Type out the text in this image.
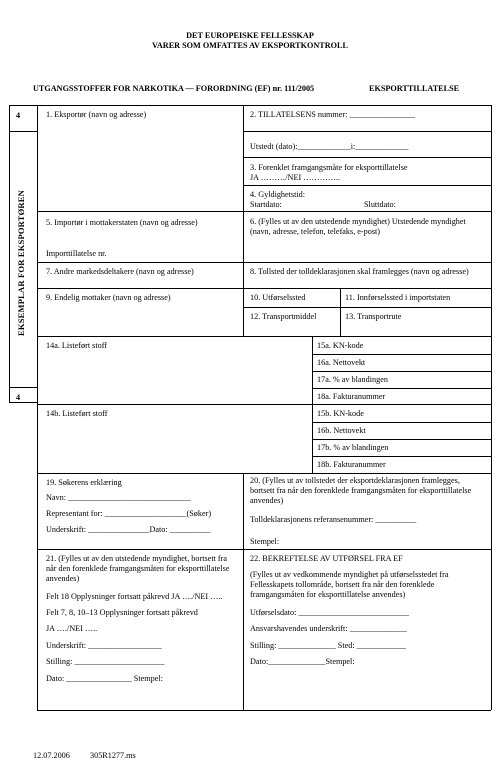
DET EUROPEISKE FELLESSKAP
VARER SOM OMFATTES AV EKSPORTKONTROLL
UTGANGSSTOFFER FOR NARKOTIKA — FORORDNING (EF) nr. 111/2005	EKSPORTTILLATELSE
4
EKSEMPLAR FOR EKSPORTØREN
4
1. Eksportør (navn og adresse)	2. TILLATELSENS nummer: ________________
Utstedt (dato):_____________i:_____________
3. Forenklet framgangsmåte for eksporttillatelse
JA ………/NEI …………..
4. Gyldighetstid:
Startdato:	Sluttdato:
5. Importør i mottakerstaten (navn og adresse)
Importtillatelse nr.
6. (Fylles ut av den utstedende myndighet) Utstedende myndighet (navn, adresse, telefon, telefaks, e-post)
7. Andre markedsdeltakere (navn og adresse)	8. Tollsted der tolldeklarasjonen skal framlegges (navn og adresse)
9. Endelig mottaker (navn og adresse)	10. Utførselssted	11. Innførselssted i importstaten
12. Transportmiddel	13. Transportrute
14a. Listeført stoff	15a. KN-kode
16a. Nettovekt
17a. % av blandingen
18a. Fakturanummer
14b. Listeført stoff	15b. KN-kode
16b. Nettovekt
17b. % av blandingen
18b. Fakturanummer
19. Søkerens erklæring
Navn: ______________________________
Representant for: ____________________(Søker)
Underskrift: _______________Dato: __________
20. (Fylles ut av tollstedet der eksportdeklarasjonen framlegges, bortsett fra når den forenklede framgangsmåten for eksporttillatelse anvendes)
Tolldeklarasjonens referansenummer: __________
Stempel:
21. (Fylles ut av den utstedende myndighet, bortsett fra når den forenklede framgangsmåten for eksporttillatelse anvendes)
Felt 18 Opplysninger fortsatt påkrevd JA …./NEI …..
Felt 7, 8, 10–13 Opplysninger fortsatt påkrevd
JA …./NEI …..
Underskrift: __________________
Stilling: ______________________
Dato: ________________ Stempel:
22. BEKREFTELSE AV UTFØRSEL FRA EF
(Fylles ut av vedkommende myndighet på utførselsstedet fra Fellesskapets tollområde, bortsett fra når den forenklede framgangsmåten for eksporttillatelse anvendes)
Utførselsdato: ___________________________
Ansvarshavendes underskrift: ______________
Stilling: ______________ Sted: ____________
Dato:______________Stempel:
12.07.2006 305R1277.ms
